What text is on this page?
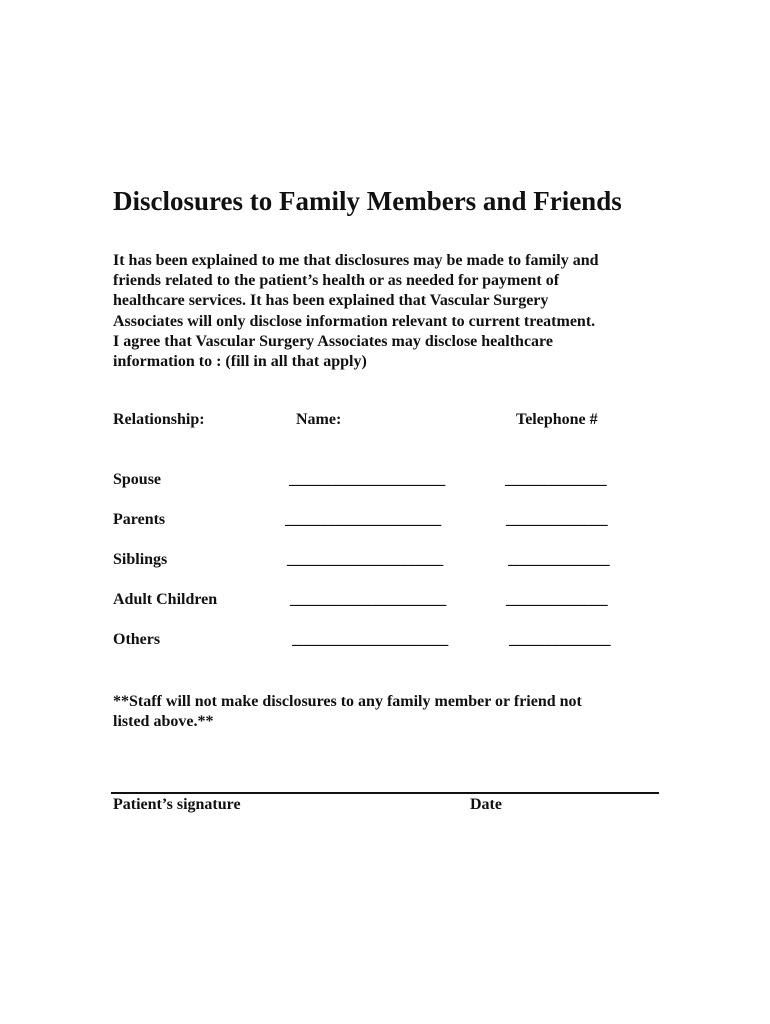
Disclosures to Family Members and Friends

It has been explained to me that disclosures may be made to family and
friends related to the patient’s health or as needed for payment of
healthcare services. It has been explained that Vascular Surgery
Associates will only disclose information relevant to current treatment.
I agree that Vascular Surgery Associates may disclose healthcare
information to : (fill in all that apply)

Relationship:	Name:	Telephone #
Spouse	____________________	_____________
Parents	____________________	_____________
Siblings	____________________	_____________
Adult Children	____________________	_____________
Others	____________________	_____________

**Staff will not make disclosures to any family member or friend not
listed above.**

Patient’s signature	Date
